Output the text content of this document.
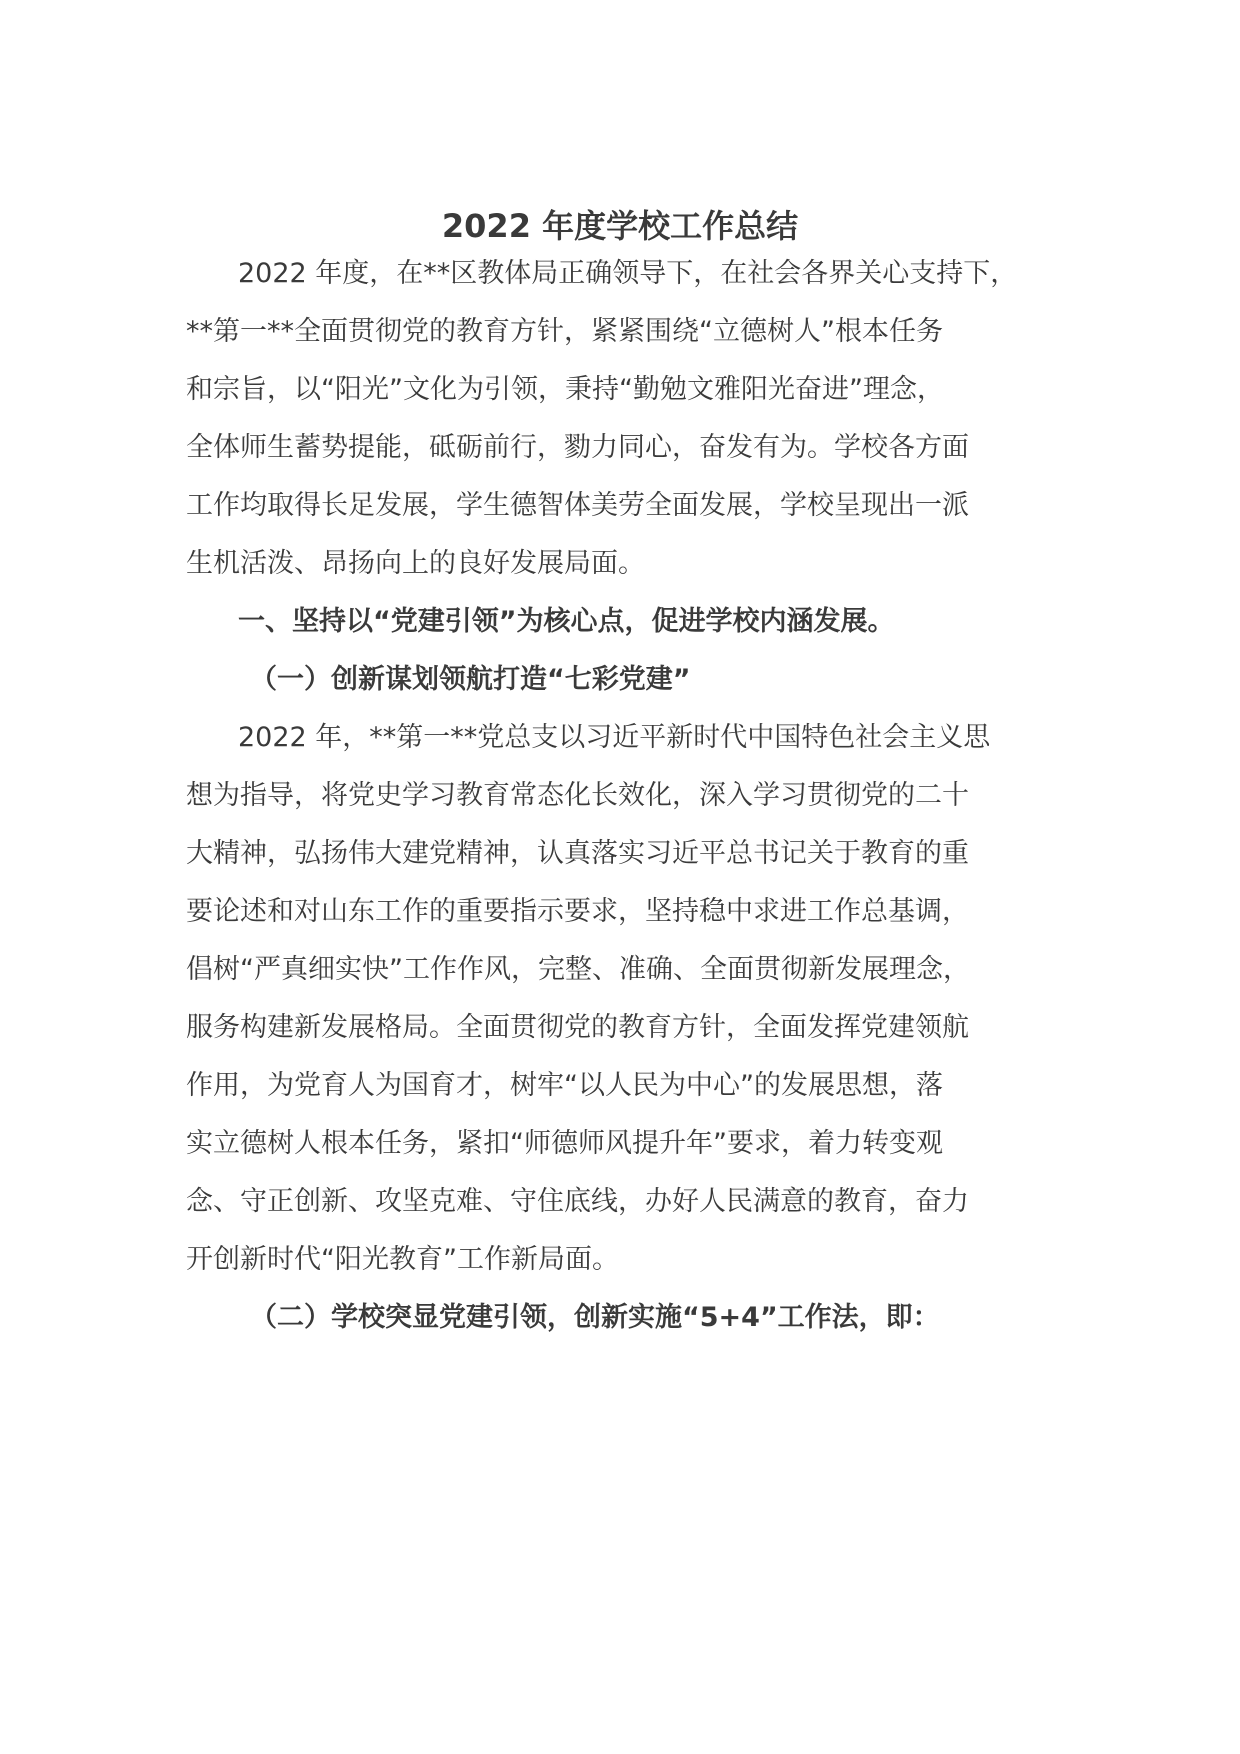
2022 年度学校工作总结

2022 年度，在**区教体局正确领导下，在社会各界关心支持下，

**第一**全面贯彻党的教育方针，紧紧围绕“立德树人”根本任务

和宗旨，以“阳光”文化为引领，秉持“勤勉文雅阳光奋进”理念，

全体师生蓄势提能，砥砺前行，勠力同心，奋发有为。学校各方面

工作均取得长足发展，学生德智体美劳全面发展，学校呈现出一派

生机活泼、昂扬向上的良好发展局面。

一、坚持以“党建引领”为核心点，促进学校内涵发展。

（一）创新谋划领航打造“七彩党建”

2022 年，**第一**党总支以习近平新时代中国特色社会主义思

想为指导，将党史学习教育常态化长效化，深入学习贯彻党的二十

大精神，弘扬伟大建党精神，认真落实习近平总书记关于教育的重

要论述和对山东工作的重要指示要求，坚持稳中求进工作总基调，

倡树“严真细实快”工作作风，完整、准确、全面贯彻新发展理念，

服务构建新发展格局。全面贯彻党的教育方针，全面发挥党建领航

作用，为党育人为国育才，树牢“以人民为中心”的发展思想，落

实立德树人根本任务，紧扣“师德师风提升年”要求，着力转变观

念、守正创新、攻坚克难、守住底线，办好人民满意的教育，奋力

开创新时代“阳光教育”工作新局面。

（二）学校突显党建引领，创新实施“5+4”工作法，即：
